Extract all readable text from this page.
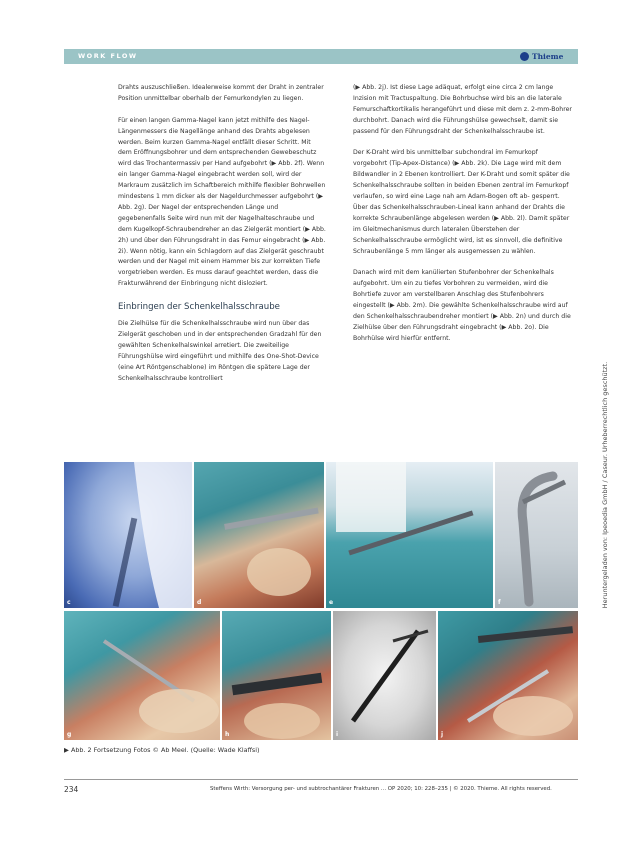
WORK FLOW	Thieme

Drahts auszuschließen. Idealerweise kommt der Draht in zentraler Position unmittelbar oberhalb der Femurkondylen zu liegen.

Für einen langen Gamma-Nagel kann jetzt mithilfe des Nagel-Längenmessers die Nagellänge anhand des Drahts abgelesen werden. Beim kurzen Gamma-Nagel entfällt dieser Schritt. Mit dem Eröffnungsbohrer und dem entsprechenden Gewebeschutz wird das Trochantermassiv per Hand aufgebohrt (▶ Abb. 2f). Wenn ein langer Gamma-Nagel eingebracht werden soll, wird der Markraum zusätzlich im Schaftbereich mithilfe flexibler Bohrwellen mindestens 1 mm dicker als der Nageldurchmesser aufgebohrt (▶ Abb. 2g). Der Nagel der entsprechenden Länge und gegebenenfalls Seite wird nun mit der Nagelhalteschraube und dem Kugelkopf-Schraubendreher an das Zielgerät montiert (▶ Abb. 2h) und über den Führungsdraht in das Femur eingebracht (▶ Abb. 2i). Wenn nötig, kann ein Schlagdorn auf das Zielgerät geschraubt werden und der Nagel mit einem Hammer bis zur korrekten Tiefe vorgetrieben werden. Es muss darauf geachtet werden, dass die Frakturwährend der Einbringung nicht disloziert.

Einbringen der Schenkelhalsschraube

Die Zielhülse für die Schenkelhalsschraube wird nun über das Zielgerät geschoben und in der entsprechenden Gradzahl für den gewählten Schenkelhalswinkel arretiert. Die zweiteilige Führungshülse wird eingeführt und mithilfe des One-Shot-Device (eine Art Röntgenschablone) im Röntgen die spätere Lage der Schenkelhalsschraube kontrolliert

(▶ Abb. 2j). Ist diese Lage adäquat, erfolgt eine circa 2 cm lange Inzision mit Tractuspaltung. Die Bohrbuchse wird bis an die laterale Femurschaftkortikalis herangeführt und diese mit dem z. 2-mm-Bohrer durchbohrt. Danach wird die Führungshülse gewechselt, damit sie passend für den Führungsdraht der Schenkelhalsschraube ist.

Der K-Draht wird bis unmittelbar subchondral im Femurkopf vorgebohrt (Tip-Apex-Distance) (▶ Abb. 2k). Die Lage wird mit dem Bildwandler in 2 Ebenen kontrolliert. Der K-Draht und somit später die Schenkelhalsschraube sollten in beiden Ebenen zentral im Femurkopf verlaufen, so wird eine Lage nah am Adam-Bogen oft ab- gesperrt. Über das Schenkelhalsschrauben-Lineal kann anhand der Drahts die korrekte Schraubenlänge abgelesen werden (▶ Abb. 2l). Damit später im Gleitmechanismus durch lateralen Überstehen der Schenkelhalsschraube ermöglicht wird, ist es sinnvoll, die definitive Schraubenlänge 5 mm länger als ausgemessen zu wählen.

Danach wird mit dem kanülierten Stufenbohrer der Schenkelhals aufgebohrt. Um ein zu tiefes Vorbohren zu vermeiden, wird die Bohrtiefe zuvor am verstellbaren Anschlag des Stufenbohrers eingestellt (▶ Abb. 2m). Die gewählte Schenkelhalsschraube wird auf den Schenkelhalsschraubendreher montiert (▶ Abb. 2n) und durch die Zielhülse über den Führungsdraht eingebracht (▶ Abb. 2o). Die Bohrhülse wird hierfür entfernt.

Heruntergeladen von: Ipeoedia GmbH / Caseur. Urheberrechtlich geschützt.
c	d	e	f
g	h	i	j
▶ Abb. 2 Fortsetzung Fotos © Ab Meel. (Quelle: Wade Klaffsi)
234	Steffens Wirth: Versorgung per- und subtrochantärer Frakturen ... OP 2020; 10: 228–235 | © 2020. Thieme. All rights reserved.
